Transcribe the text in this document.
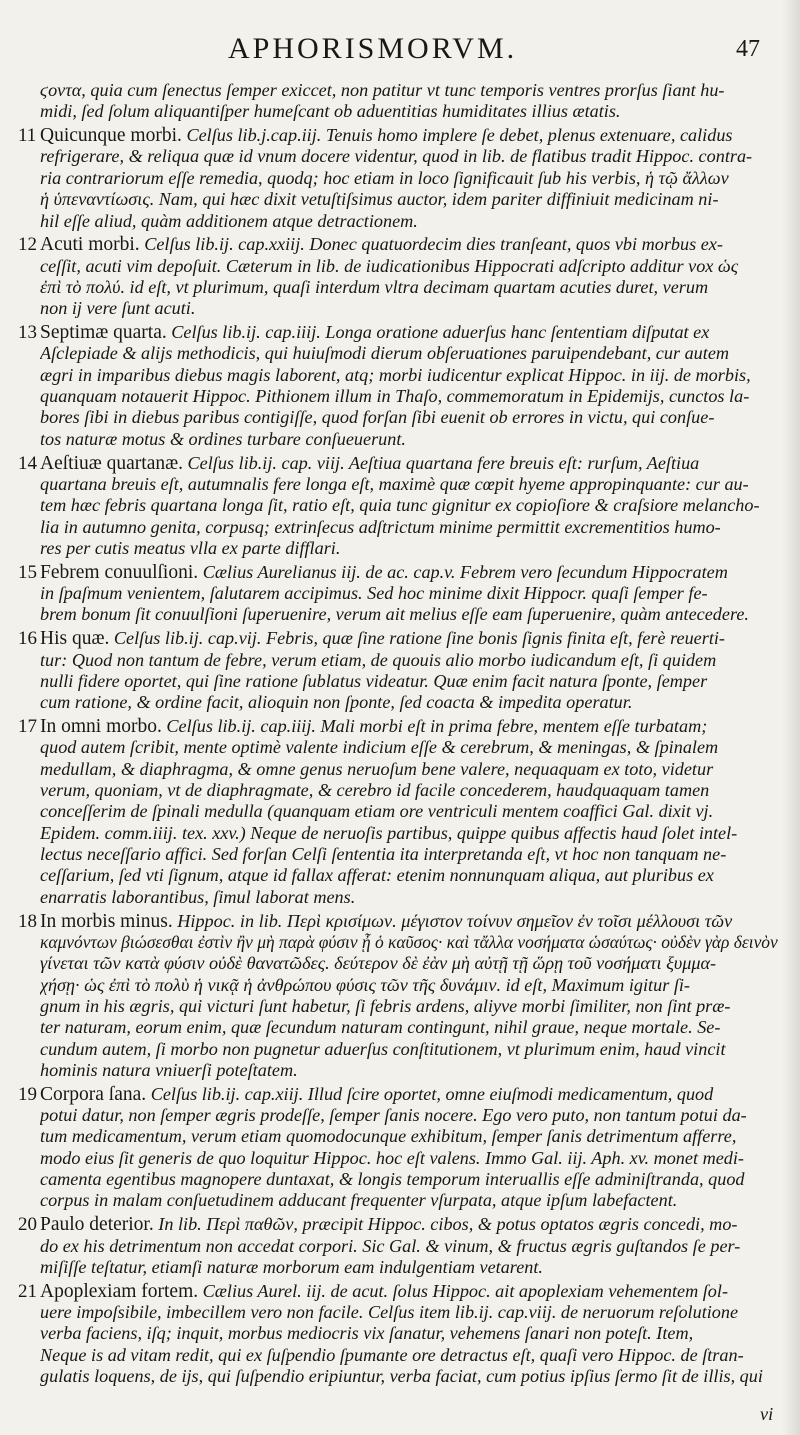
APHORISMORVM.	47
ϛοντα, quia cum ſenectus ſemper exiccet, non patitur vt tunc temporis ventres prorſus ſiant hu-
midi, ſed ſolum aliquantiſper humeſcant ob aduentitias humiditates illius ætatis.
11 Quicunque morbi. Celſus lib.j.cap.iij. Tenuis homo implere ſe debet, plenus extenuare, calidus
refrigerare, & reliqua quæ id vnum docere videntur, quod in lib. de flatibus tradit Hippoc. contra-
ria contrariorum eſſe remedia, quodq; hoc etiam in loco ſignificauit ſub his verbis, ἡ τῷ ἄλλων
ἡ ὑπεναντίωσις. Nam, qui hæc dixit vetuſtiſsimus auctor, idem pariter diffiniuit medicinam ni-
hil eſſe aliud, quàm additionem atque detractionem.
12 Acuti morbi. Celſus lib.ij. cap.xxiij. Donec quatuordecim dies tranſeant, quos vbi morbus ex-
ceſſit, acuti vim depoſuit. Cæterum in lib. de iudicationibus Hippocrati adſcripto additur vox ὡς
ἐπὶ τὸ πολύ. id eſt, vt plurimum, quaſi interdum vltra decimam quartam acuties duret, verum
non ij vere ſunt acuti.
13 Septimæ quarta. Celſus lib.ij. cap.iiij. Longa oratione aduerſus hanc ſententiam diſputat ex
Aſclepiade & alijs methodicis, qui huiuſmodi dierum obſeruationes paruipendebant, cur autem
ægri in imparibus diebus magis laborent, atq; morbi iudicentur explicat Hippoc. in iij. de morbis,
quanquam notauerit Hippoc. Pithionem illum in Thaſo, commemoratum in Epidemijs, cunctos la-
bores ſibi in diebus paribus contigiſſe, quod forſan ſibi euenit ob errores in victu, qui conſue-
tos naturæ motus & ordines turbare conſueuerunt.
14 Aeſtiuæ quartanæ. Celſus lib.ij. cap. viij. Aeſtiua quartana fere breuis eſt: rurſum, Aeſtiua
quartana breuis eſt, autumnalis fere longa eſt, maximè quæ cœpit hyeme appropinquante: cur au-
tem hæc febris quartana longa ſit, ratio eſt, quia tunc gignitur ex copioſiore & craſsiore melancho-
lia in autumno genita, corpusq; extrinſecus adſtrictum minime permittit excrementitios humo-
res per cutis meatus vlla ex parte difflari.
15 Febrem conuulſioni. Cælius Aurelianus iij. de ac. cap.v. Febrem vero ſecundum Hippocratem
in ſpaſmum venientem, ſalutarem accipimus. Sed hoc minime dixit Hippocr. quaſi ſemper fe-
brem bonum ſit conuulſioni ſuperuenire, verum ait melius eſſe eam ſuperuenire, quàm antecedere.
16 His quæ. Celſus lib.ij. cap.vij. Febris, quæ ſine ratione ſine bonis ſignis finita eſt, ferè reuerti-
tur: Quod non tantum de febre, verum etiam, de quouis alio morbo iudicandum eſt, ſi quidem
nulli fidere oportet, qui ſine ratione ſublatus videatur. Quæ enim facit natura ſponte, ſemper
cum ratione, & ordine facit, alioquin non ſponte, ſed coacta & impedita operatur.
17 In omni morbo. Celſus lib.ij. cap.iiij. Mali morbi eſt in prima febre, mentem eſſe turbatam;
quod autem ſcribit, mente optimè valente indicium eſſe & cerebrum, & meningas, & ſpinalem
medullam, & diaphragma, & omne genus neruoſum bene valere, nequaquam ex toto, videtur
verum, quoniam, vt de diaphragmate, & cerebro id facile concederem, haudquaquam tamen
conceſſerim de ſpinali medulla (quanquam etiam ore ventriculi mentem coaffici Gal. dixit vj.
Epidem. comm.iiij. tex. xxv.) Neque de neruoſis partibus, quippe quibus affectis haud ſolet intel-
lectus neceſſario affici. Sed forſan Celſi ſententia ita interpretanda eſt, vt hoc non tanquam ne-
ceſſarium, ſed vti ſignum, atque id fallax afferat: etenim nonnunquam aliqua, aut pluribus ex
enarratis laborantibus, ſimul laborat mens.
18 In morbis minus. Hippoc. in lib. Περὶ κρισίμων. μέγιστον τοίνυν σημεῖον ἐν τοῖσι μέλλουσι τῶν
καμνόντων βιώσεσθαι ἐστὶν ἢν μὴ παρὰ φύσιν ᾖ ὁ καῦσος· καὶ τἄλλα νοσήματα ὡσαύτως· οὐδὲν γὰρ δεινὸν
γίνεται τῶν κατὰ φύσιν οὐδὲ θανατῶδες. δεύτερον δὲ ἐὰν μὴ αὐτῇ τῇ ὥρῃ τοῦ νοσήματι ξυμμα-
χήσῃ· ὡς ἐπὶ τὸ πολὺ ἡ νικᾷ ἡ ἀνθρώπου φύσις τῶν τῆς δυνάμιν. id eſt, Maximum igitur ſi-
gnum in his ægris, qui victuri ſunt habetur, ſi febris ardens, aliyve morbi ſimiliter, non ſint præ-
ter naturam, eorum enim, quæ ſecundum naturam contingunt, nihil graue, neque mortale. Se-
cundum autem, ſi morbo non pugnetur aduerſus conſtitutionem, vt plurimum enim, haud vincit
hominis natura vniuerſi poteſtatem.
19 Corpora ſana. Celſus lib.ij. cap.xiij. Illud ſcire oportet, omne eiuſmodi medicamentum, quod
potui datur, non ſemper ægris prodeſſe, ſemper ſanis nocere. Ego vero puto, non tantum potui da-
tum medicamentum, verum etiam quomodocunque exhibitum, ſemper ſanis detrimentum afferre,
modo eius ſit generis de quo loquitur Hippoc. hoc eſt valens. Immo Gal. iij. Aph. xv. monet medi-
camenta egentibus magnopere duntaxat, & longis temporum interuallis eſſe adminiſtranda, quod
corpus in malam conſuetudinem adducant frequenter vſurpata, atque ipſum labefactent.
20 Paulo deterior. In lib. Περὶ παθῶν, præcipit Hippoc. cibos, & potus optatos ægris concedi, mo-
do ex his detrimentum non accedat corpori. Sic Gal. & vinum, & fructus ægris guſtandos ſe per-
miſiſſe teſtatur, etiamſi naturæ morborum eam indulgentiam vetarent.
21 Apoplexiam fortem. Cælius Aurel. iij. de acut. ſolus Hippoc. ait apoplexiam vehementem ſol-
uere impoſsibile, imbecillem vero non facile. Celſus item lib.ij. cap.viij. de neruorum reſolutione
verba faciens, iſq; inquit, morbus mediocris vix ſanatur, vehemens ſanari non poteſt. Item,
Neque is ad vitam redit, qui ex ſuſpendio ſpumante ore detractus eſt, quaſi vero Hippoc. de ſtran-
gulatis loquens, de ijs, qui ſuſpendio eripiuntur, verba faciat, cum potius ipſius ſermo ſit de illis, qui
vi
